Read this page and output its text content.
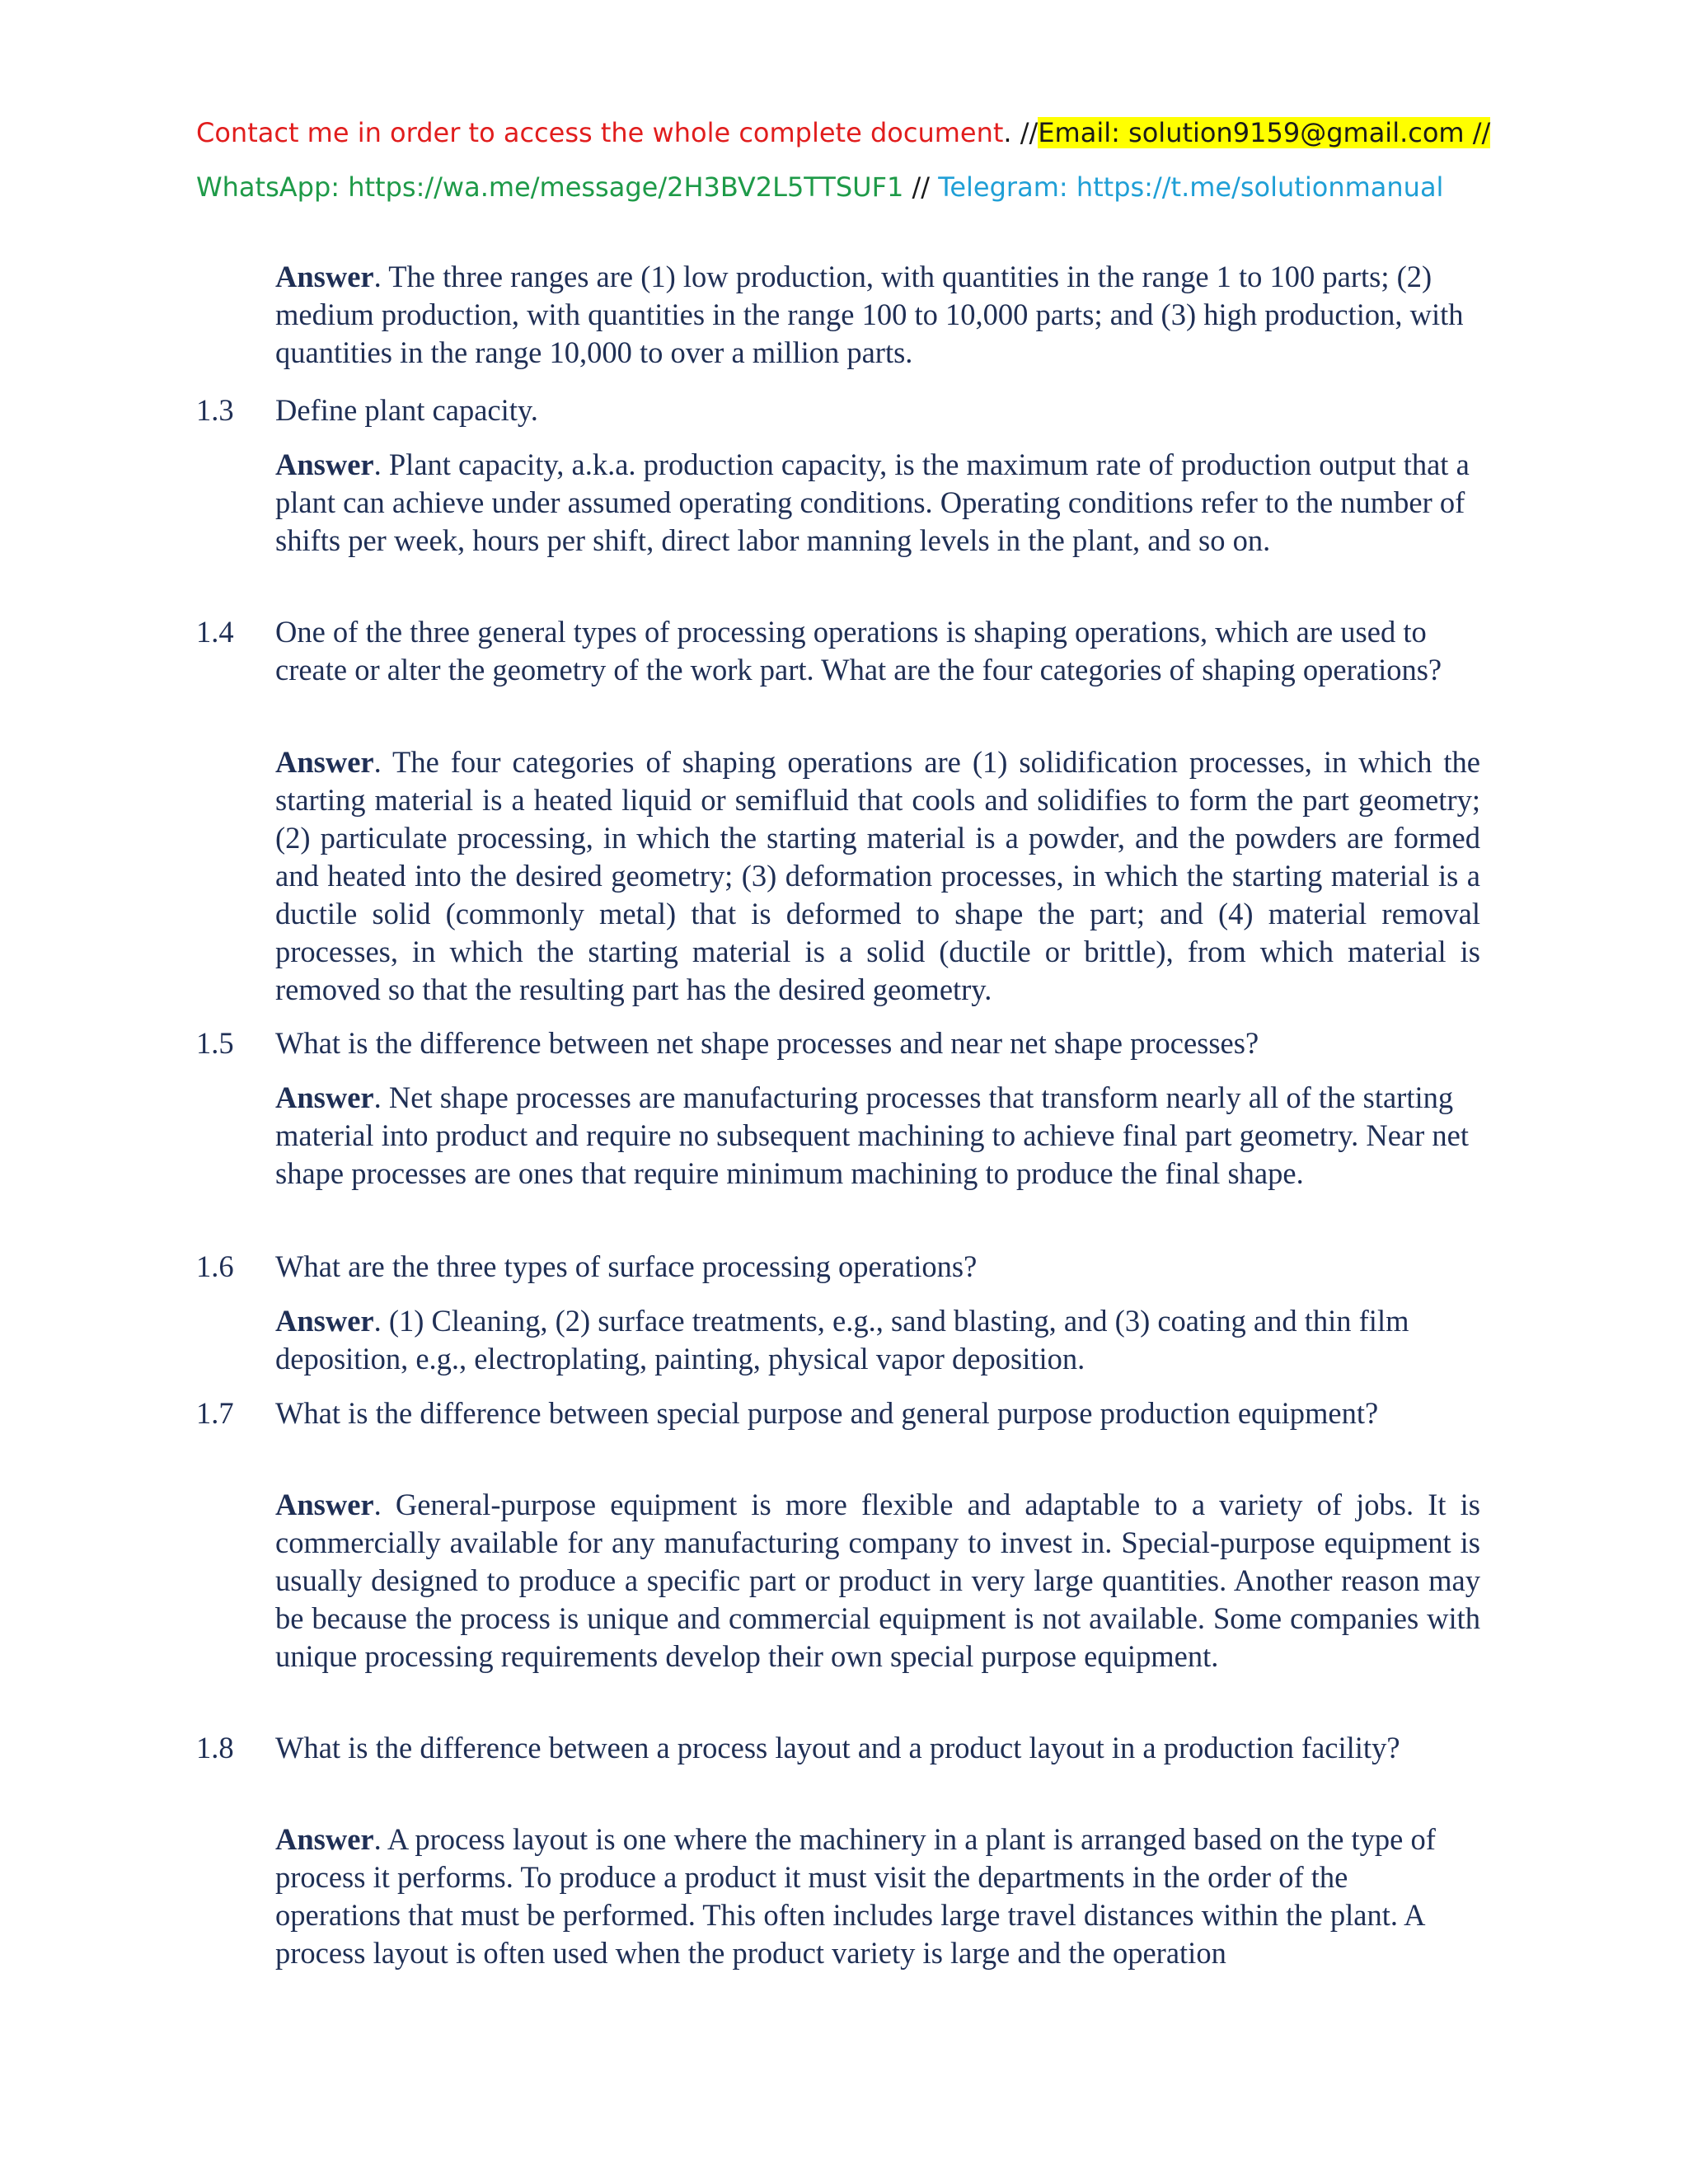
Contact me in order to access the whole complete document. //Email: solution9159@gmail.com //
WhatsApp: https://wa.me/message/2H3BV2L5TTSUF1 // Telegram: https://t.me/solutionmanual

Answer. The three ranges are (1) low production, with quantities in the range 1 to 100 parts; (2) medium production, with quantities in the range 100 to 10,000 parts; and (3) high production, with quantities in the range 10,000 to over a million parts.

1.3 Define plant capacity.

Answer. Plant capacity, a.k.a. production capacity, is the maximum rate of production output that a plant can achieve under assumed operating conditions. Operating conditions refer to the number of shifts per week, hours per shift, direct labor manning levels in the plant, and so on.

1.4 One of the three general types of processing operations is shaping operations, which are used to create or alter the geometry of the work part. What are the four categories of shaping operations?

Answer. The four categories of shaping operations are (1) solidification processes, in which the starting material is a heated liquid or semifluid that cools and solidifies to form the part geometry; (2) particulate processing, in which the starting material is a powder, and the powders are formed and heated into the desired geometry; (3) deformation processes, in which the starting material is a ductile solid (commonly metal) that is deformed to shape the part; and (4) material removal processes, in which the starting material is a solid (ductile or brittle), from which material is removed so that the resulting part has the desired geometry.

1.5 What is the difference between net shape processes and near net shape processes?

Answer. Net shape processes are manufacturing processes that transform nearly all of the starting material into product and require no subsequent machining to achieve final part geometry. Near net shape processes are ones that require minimum machining to produce the final shape.

1.6 What are the three types of surface processing operations?

Answer. (1) Cleaning, (2) surface treatments, e.g., sand blasting, and (3) coating and thin film deposition, e.g., electroplating, painting, physical vapor deposition.

1.7 What is the difference between special purpose and general purpose production equipment?

Answer. General-purpose equipment is more flexible and adaptable to a variety of jobs. It is commercially available for any manufacturing company to invest in. Special-purpose equipment is usually designed to produce a specific part or product in very large quantities. Another reason may be because the process is unique and commercial equipment is not available. Some companies with unique processing requirements develop their own special purpose equipment.

1.8 What is the difference between a process layout and a product layout in a production facility?

Answer. A process layout is one where the machinery in a plant is arranged based on the type of process it performs. To produce a product it must visit the departments in the order of the operations that must be performed. This often includes large travel distances within the plant. A process layout is often used when the product variety is large and the operation
